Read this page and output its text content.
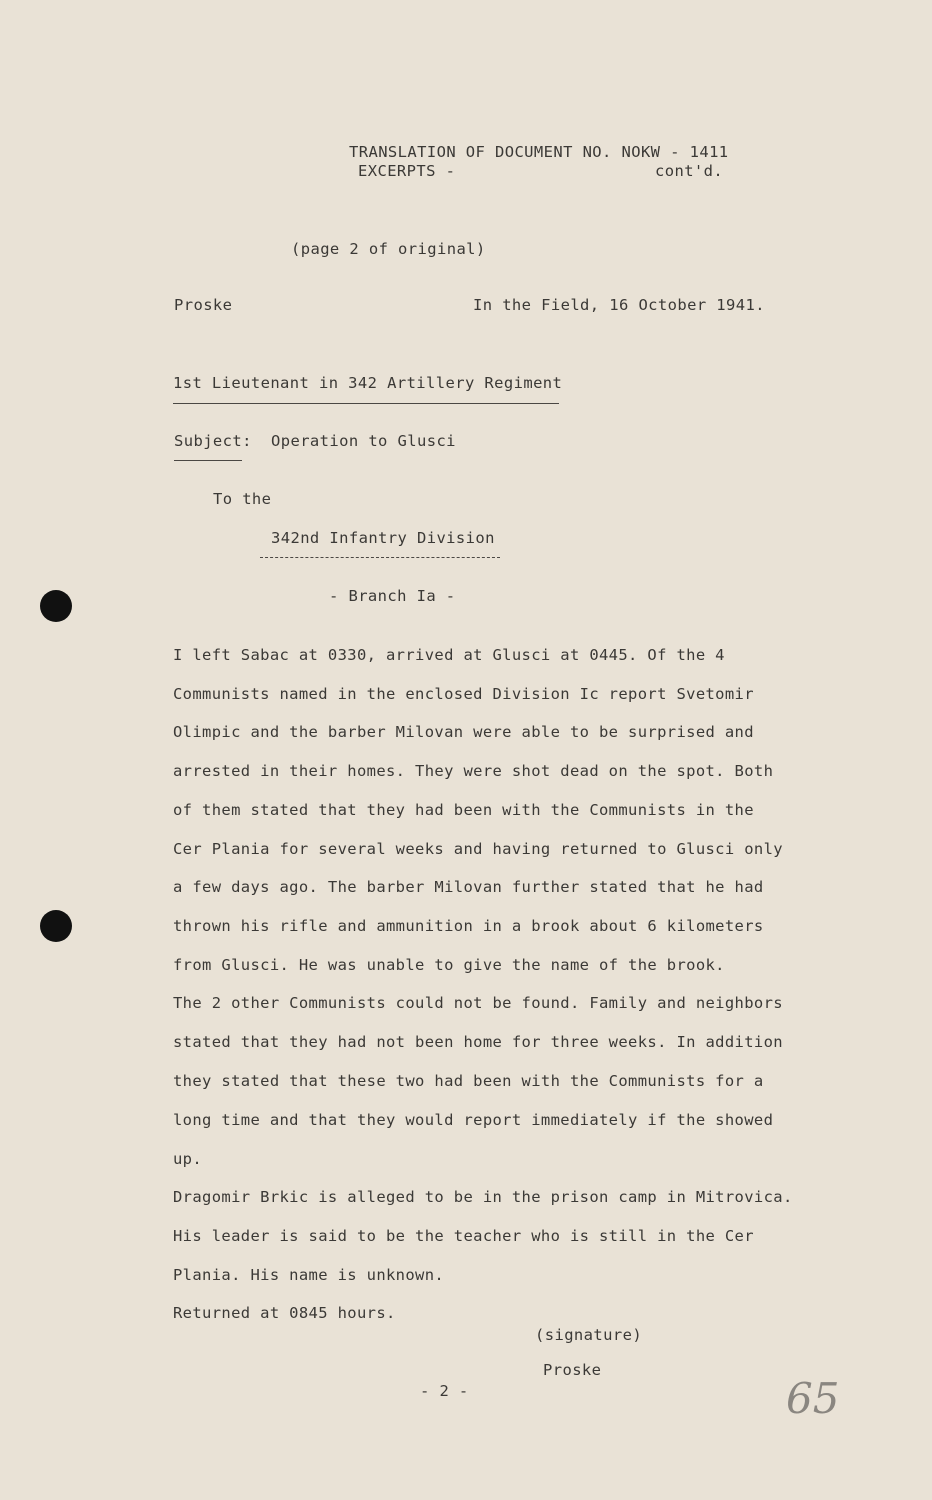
TRANSLATION OF DOCUMENT NO. NOKW - 1411
EXCERPTS -	cont'd.
(page 2 of original)
Proske	In the Field, 16 October 1941.
1st Lieutenant in 342 Artillery Regiment
Subject: Operation to Glusci
To the
342nd Infantry Division
- Branch Ia -
I left Sabac at 0330, arrived at Glusci at 0445. Of the 4
Communists named in the enclosed Division Ic report Svetomir
Olimpic and the barber Milovan were able to be surprised and
arrested in their homes. They were shot dead on the spot. Both
of them stated that they had been with the Communists in the
Cer Plania for several weeks and having returned to Glusci only
a few days ago. The barber Milovan further stated that he had
thrown his rifle and ammunition in a brook about 6 kilometers
from Glusci. He was unable to give the name of the brook.
The 2 other Communists could not be found. Family and neighbors
stated that they had not been home for three weeks. In addition
they stated that these two had been with the Communists for a
long time and that they would report immediately if the showed
up.
Dragomir Brkic is alleged to be in the prison camp in Mitrovica.
His leader is said to be the teacher who is still in the Cer
Plania. His name is unknown.
Returned at 0845 hours.
(signature)
Proske
- 2 -	65
